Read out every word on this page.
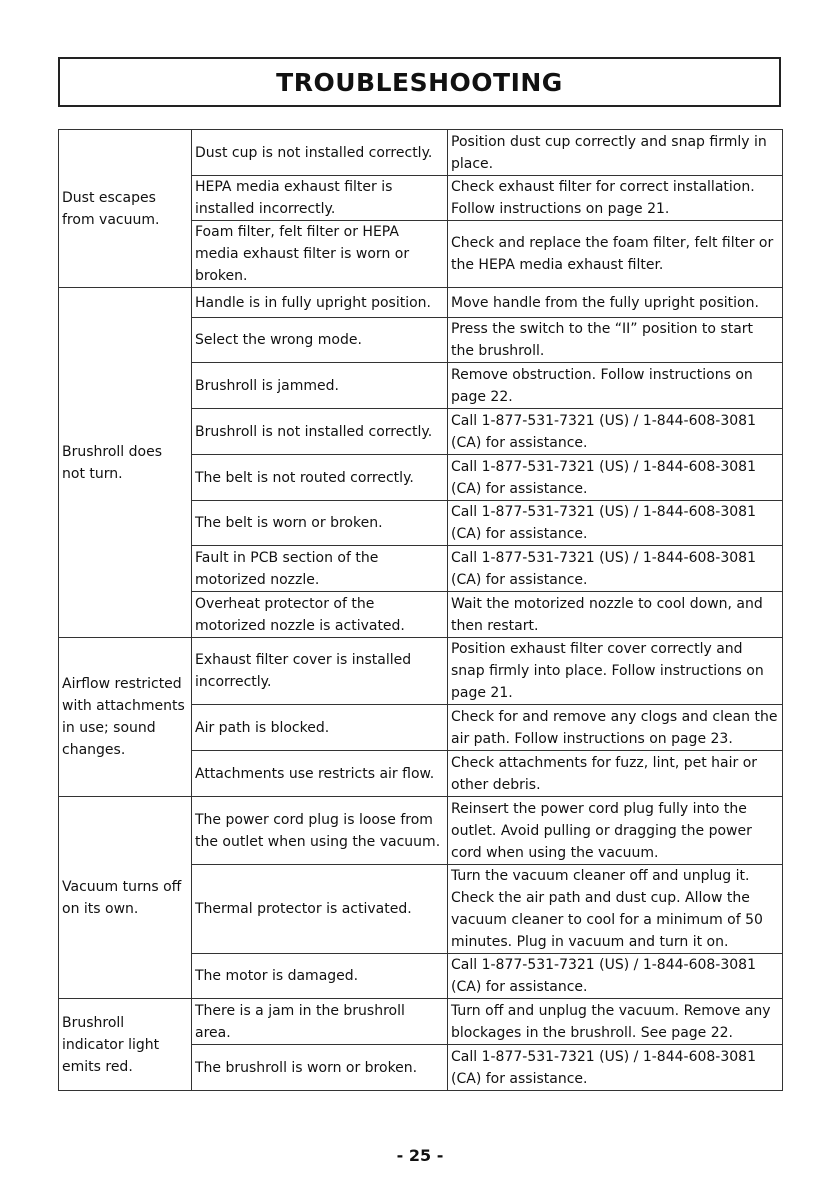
TROUBLESHOOTING
Dust escapes from vacuum.	Dust cup is not installed correctly.	Position dust cup correctly and snap firmly in place.
	HEPA media exhaust filter is installed incorrectly.	Check exhaust filter for correct installation. Follow instructions on page 21.
	Foam filter, felt filter or HEPA media exhaust filter is worn or broken.	Check and replace the foam filter, felt filter or the HEPA media exhaust filter.
Brushroll does not turn.	Handle is in fully upright position.	Move handle from the fully upright position.
	Select the wrong mode.	Press the switch to the “II” position to start the brushroll.
	Brushroll is jammed.	Remove obstruction. Follow instructions on page 22.
	Brushroll is not installed correctly.	Call 1-877-531-7321 (US) / 1-844-608-3081 (CA) for assistance.
	The belt is not routed correctly.	Call 1-877-531-7321 (US) / 1-844-608-3081 (CA) for assistance.
	The belt is worn or broken.	Call 1-877-531-7321 (US) / 1-844-608-3081 (CA) for assistance.
	Fault in PCB section of the motorized nozzle.	Call 1-877-531-7321 (US) / 1-844-608-3081 (CA) for assistance.
	Overheat protector of the motorized nozzle is activated.	Wait the motorized nozzle to cool down, and then restart.
Airflow restricted with attachments in use; sound changes.	Exhaust filter cover is installed incorrectly.	Position exhaust filter cover correctly and snap firmly into place. Follow instructions on page 21.
	Air path is blocked.	Check for and remove any clogs and clean the air path. Follow instructions on page 23.
	Attachments use restricts air flow.	Check attachments for fuzz, lint, pet hair or other debris.
Vacuum turns off on its own.	The power cord plug is loose from the outlet when using the vacuum.	Reinsert the power cord plug fully into the outlet. Avoid pulling or dragging the power cord when using the vacuum.
	Thermal protector is activated.	Turn the vacuum cleaner off and unplug it. Check the air path and dust cup. Allow the vacuum cleaner to cool for a minimum of 50 minutes. Plug in vacuum and turn it on.
	The motor is damaged.	Call 1-877-531-7321 (US) / 1-844-608-3081 (CA) for assistance.
Brushroll indicator light emits red.	There is a jam in the brushroll area.	Turn off and unplug the vacuum. Remove any blockages in the brushroll. See page 22.
	The brushroll is worn or broken.	Call 1-877-531-7321 (US) / 1-844-608-3081 (CA) for assistance.
- 25 -
